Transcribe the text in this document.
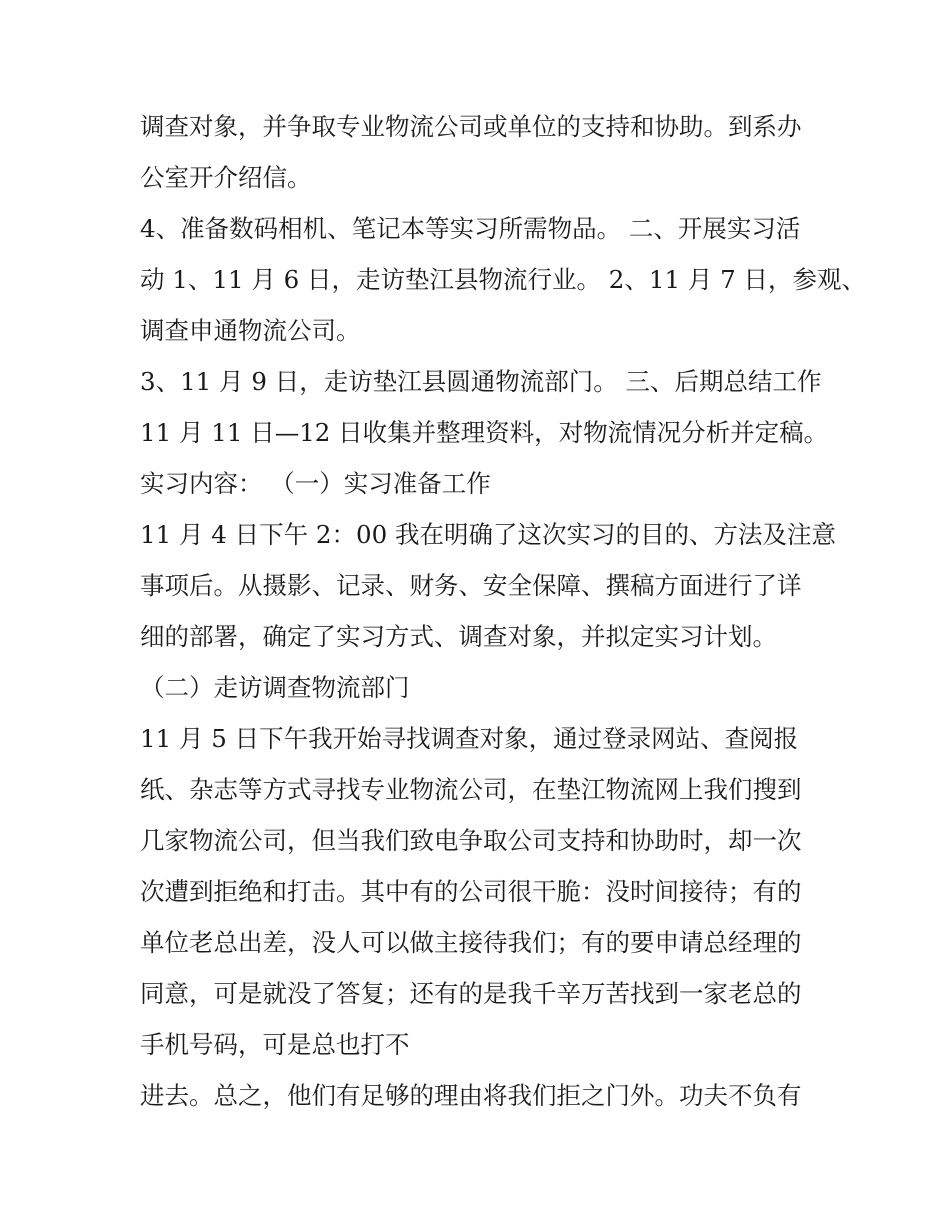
调查对象，并争取专业物流公司或单位的支持和协助。到系办
公室开介绍信。
4、准备数码相机、笔记本等实习所需物品。 二、开展实习活
动 1、11 月 6 日，走访垫江县物流行业。 2、11 月 7 日，参观、
调查申通物流公司。
3、11 月 9 日，走访垫江县圆通物流部门。 三、后期总结工作
11 月 11 日—12 日收集并整理资料，对物流情况分析并定稿。
实习内容： （一）实习准备工作
11 月 4 日下午 2：00 我在明确了这次实习的目的、方法及注意
事项后。从摄影、记录、财务、安全保障、撰稿方面进行了详
细的部署，确定了实习方式、调查对象，并拟定实习计划。
（二）走访调查物流部门
11 月 5 日下午我开始寻找调查对象，通过登录网站、查阅报
纸、杂志等方式寻找专业物流公司，在垫江物流网上我们搜到
几家物流公司，但当我们致电争取公司支持和协助时，却一次
次遭到拒绝和打击。其中有的公司很干脆：没时间接待；有的
单位老总出差，没人可以做主接待我们；有的要申请总经理的
同意，可是就没了答复；还有的是我千辛万苦找到一家老总的
手机号码，可是总也打不
进去。总之，他们有足够的理由将我们拒之门外。功夫不负有
